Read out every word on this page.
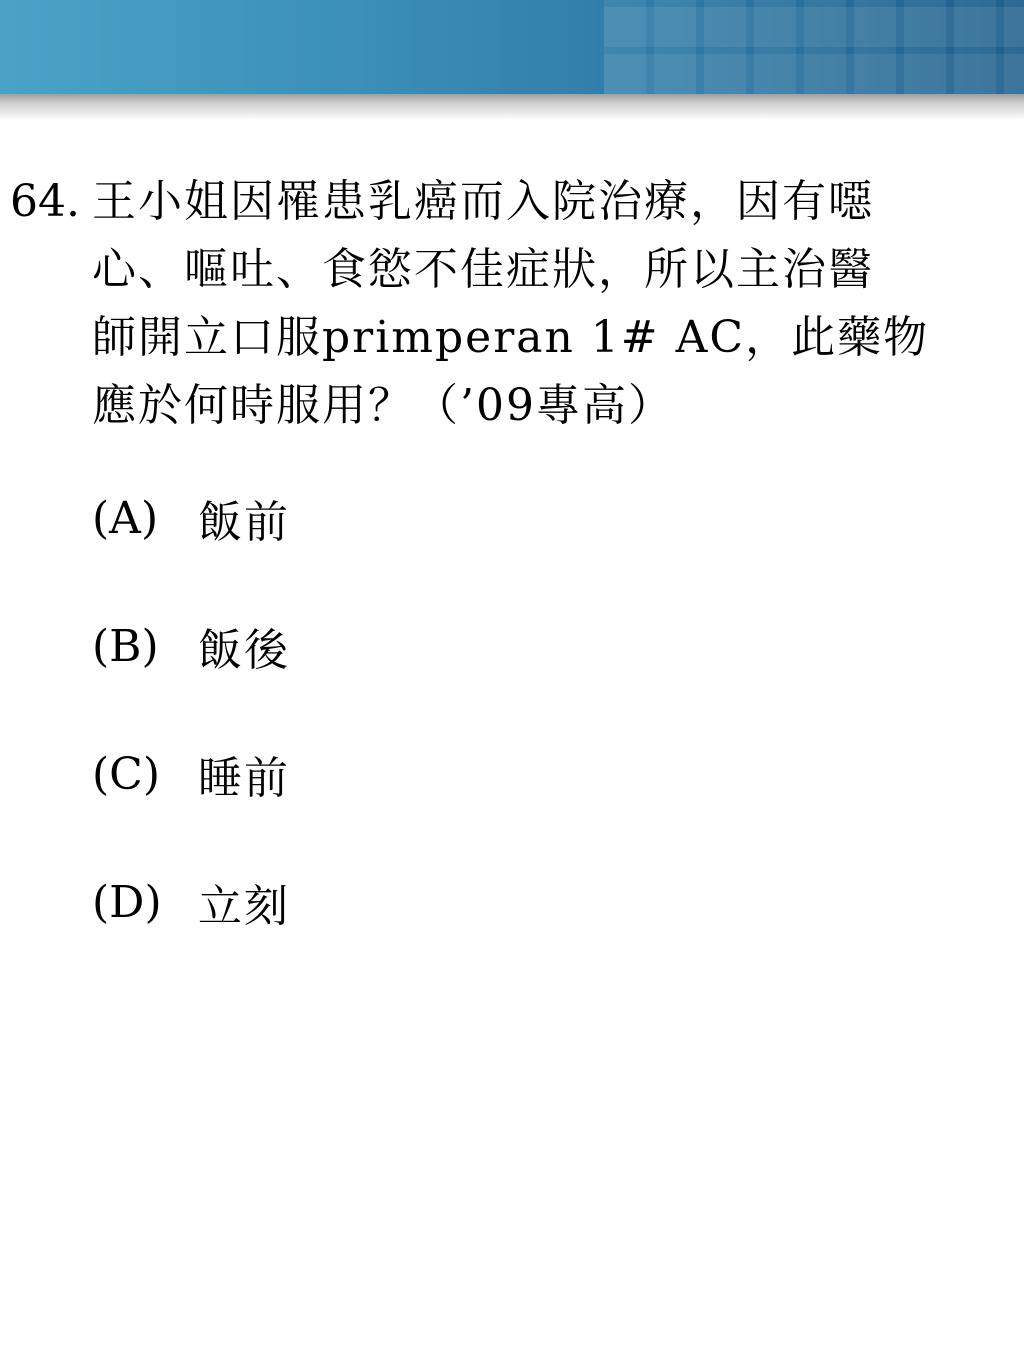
64. 王小姐因罹患乳癌而入院治療，因有噁
心、嘔吐、食慾不佳症狀，所以主治醫
師開立口服primperan 1# AC，此藥物
應於何時服用？（’09專高）
(A) 飯前
(B) 飯後
(C) 睡前
(D) 立刻
